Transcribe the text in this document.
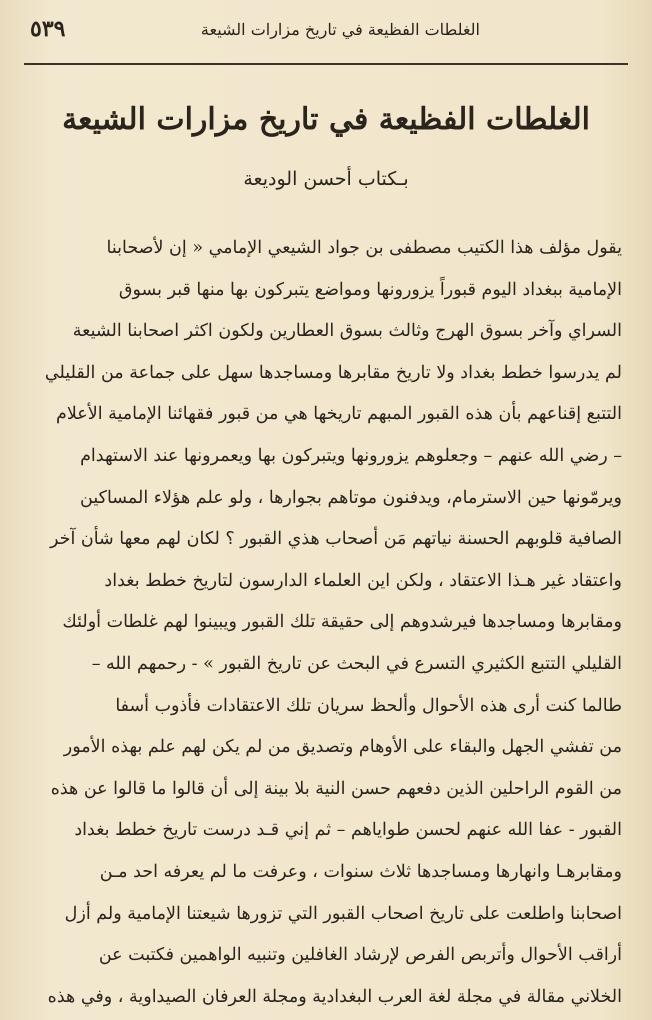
الغلطات الفظيعة في تاريخ مزارات الشيعة
٥٣٩
الغلطات الفظيعة في تاريخ مزارات الشيعة
بـكتاب أحسن الوديعة
يقول مؤلف هذا الكتيب مصطفى بن جواد الشيعي الإمامي « إن لأصحابنا
الإمامية ببغداد اليوم قبوراً يزورونها ومواضع يتبركون بها منها قبر بسوق
السراي وآخر بسوق الهرج وثالث بسوق العطارين ولكون اكثر اصحابنا الشيعة
لم يدرسوا خطط بغداد ولا تاريخ مقابرها ومساجدها سهل على جماعة من القليلي
التتبع إقناعهم بأن هذه القبور المبهم تاريخها هي من قبور فقهائنا الإمامية الأعلام
– رضي الله عنهم – وجعلوهم يزورونها ويتبركون بها ويعمرونها عند الاستهدام
ويرمّونها حين الاسترمام، ويدفنون موتاهم بجوارها ، ولو علم هؤلاء المساكين
الصافية قلوبهم الحسنة نياتهم مَن أصحاب هذي القبور ؟ لكان لهم معها شأن آخر
واعتقاد غير هـذا الاعتقاد ، ولكن اين العلماء الدارسون لتاريخ خطط بغداد
ومقابرها ومساجدها فيرشدوهم إلى حقيقة تلك القبور ويبينوا لهم غلطات أولئك
القليلي التتبع الكثيري التسرع في البحث عن تاريخ القبور » - رحمهم الله –
طالما كنت أرى هذه الأحوال وألحظ سريان تلك الاعتقادات فأذوب أسفا
من تفشي الجهل والبقاء على الأوهام وتصديق من لم يكن لهم علم بهذه الأمور
من القوم الراحلين الذين دفعهم حسن النية بلا بينة إلى أن قالوا ما قالوا عن هذه
القبور - عفا الله عنهم لحسن طواياهم – ثم إني قـد درست تاريخ خطط بغداد
ومقابرهـا وانهارها ومساجدها ثلاث سنوات ، وعرفت ما لم يعرفه احد مـن
اصحابنا واطلعت على تاريخ اصحاب القبور التي تزورها شيعتنا الإمامية ولم أزل
أراقب الأحوال وأتربص الفرص لإرشاد الغافلين وتنبيه الواهمين فكتبت عن
الخلاني مقالة في مجلة لغة العرب البغدادية ومجلة العرفان الصيداوية ، وفي هذه
